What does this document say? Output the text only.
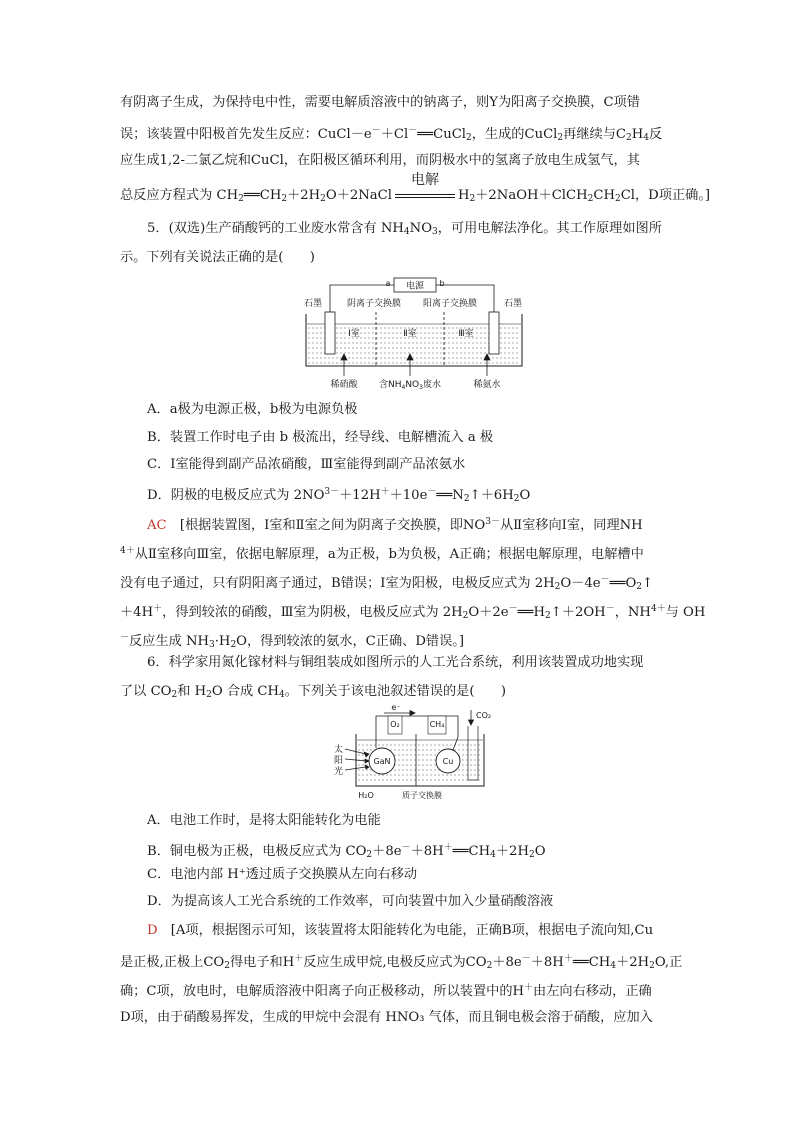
有阴离子生成，为保持电中性，需要电解质溶液中的钠离子，则Y为阳离子交换膜，C项错
误；该装置中阳极首先发生反应：CuCl－e－＋Cl－══CuCl$_2$，生成的CuCl$_2$再继续与$C_2H_4$反
应生成1,2-二氯乙烷和CuCl，在阳极区循环利用，而阴极水中的氢离子放电生成氢气，其
总反应方程式为 $CH_2══CH_2+2H_2O+2NaCl$
电解
$H_2+2NaOH+ClCH_2CH_2Cl$，D项正确。]
5．(双选)生产硝酸钙的工业废水常含有 $NH_4NO_3$，可用电解法净化。其工作原理如图所
示。下列有关说法正确的是(　　)
电源
a	b
石墨	石墨
阴离子交换膜 阳离子交换膜
Ⅰ室	Ⅱ室	Ⅲ室
稀硝酸 含$NH_4NO_3$废水	稀氨水
A．a极为电源正极，b极为电源负极
B．装置工作时电子由 b 极流出，经导线、电解槽流入 a 极
C．Ⅰ室能得到副产品浓硝酸，Ⅲ室能得到副产品浓氨水
D．阴极的电极反应式为 $2NO^{3-}+12H^++10e^-══N_2↑+6H_2O$
AC　 [根据装置图，Ⅰ室和Ⅱ室之间为阴离子交换膜，即$NO^{3-}$从Ⅱ室移向Ⅰ室，同理NH
$^{4+}$从Ⅱ室移向Ⅲ室，依据电解原理，a为正极，b为负极，A正确；根据电解原理，电解槽中
没有电子通过，只有阴阳离子通过，B错误；Ⅰ室为阳极，电极反应式为 $2H_2O-4e^-══O_2↑$
＋4H＋，得到较浓的硝酸，Ⅲ室为阴极，电极反应式为 $2H_2O+2e^-══H_2↑+2OH^-$，$NH^{4+}$与 OH
－反应生成 $NH_3\cdot H_2O$，得到较浓的氨水，C正确、D错误。]
6．科学家用氮化镓材料与铜组装成如图所示的人工光合系统，利用该装置成功地实现
了以 $CO_2$和 $H_2O$ 合成 $CH_4$。下列关于该电池叙述错误的是(　　)
e⁻
O₂	CH₄
CO₂
GaN	Cu
太
阳
光
H₂O	质子交换膜
A．电池工作时，是将太阳能转化为电能
B．铜电极为正极，电极反应式为 $CO_2+8e^-+8H^+══CH_4+2H_2O$
C．电池内部 H⁺透过质子交换膜从左向右移动
D．为提高该人工光合系统的工作效率，可向装置中加入少量硝酸溶液
D　 [A项，根据图示可知，该装置将太阳能转化为电能，正确B项，根据电子流向知,Cu
是正极,正极上$CO_2$得电子和H＋反应生成甲烷,电极反应式为$CO_2+8e^-+8H^+══CH_4+2H_2O$,正
确；C项，放电时，电解质溶液中阳离子向正极移动，所以装置中的H＋由左向右移动，正确
D项，由于硝酸易挥发，生成的甲烷中会混有 HNO₃ 气体，而且铜电极会溶于硝酸，应加入
